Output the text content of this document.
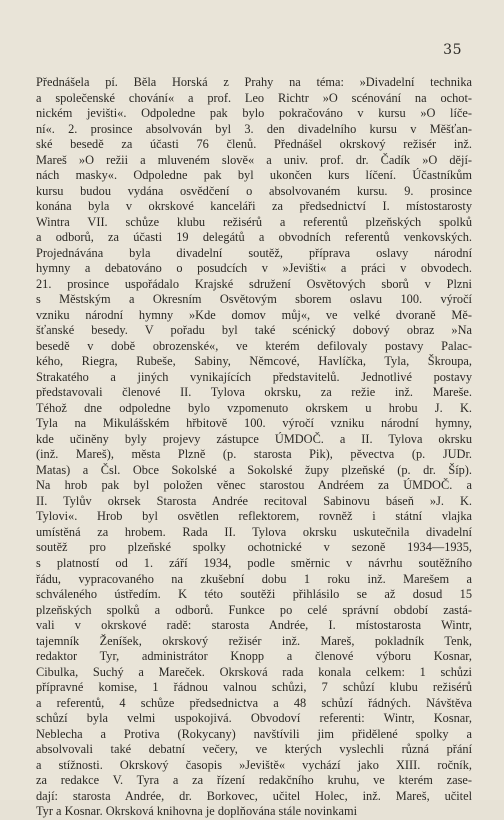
35
Přednášela pí. Běla Horská z Prahy na téma: »Divadelní technika
a společenské chování« a prof. Leo Richtr »O scénování na ochot-
nickém jevišti«. Odpoledne pak bylo pokračováno v kursu »O líče-
ní«. 2. prosince absolvován byl 3. den divadelního kursu v Měšťan-
ské besedě za účasti 76 členů. Přednášel okrskový režisér inž.
Mareš »O režii a mluveném slově« a univ. prof. dr. Čadík »O dějí-
nách masky«. Odpoledne pak byl ukončen kurs líčení. Účastníkům
kursu budou vydána osvědčení o absolvovaném kursu. 9. prosince
konána byla v okrskové kanceláři za předsednictví I. místostarosty
Wintra VII. schůze klubu režisérů a referentů plzeňských spolků
a odborů, za účasti 19 delegátů a obvodních referentů venkovských.
Projednávána byla divadelní soutěž, příprava oslavy národní
hymny a debatováno o posudcích v »Jevišti« a práci v obvodech.
21. prosince uspořádalo Krajské sdružení Osvětových sborů v Plzni
s Městským a Okresním Osvětovým sborem oslavu 100. výročí
vzniku národní hymny »Kde domov můj«, ve velké dvoraně Mě-
šťanské besedy. V pořadu byl také scénický dobový obraz »Na
besedě v době obrozenské«, ve kterém defilovaly postavy Palac-
kého, Riegra, Rubeše, Sabiny, Němcové, Havlíčka, Tyla, Škroupa,
Strakatého a jiných vynikajících představitelů. Jednotlivé postavy
představovali členové II. Tylova okrsku, za režie inž. Mareše.
Téhož dne odpoledne bylo vzpomenuto okrskem u hrobu J. K.
Tyla na Mikulášském hřbitově 100. výročí vzniku národní hymny,
kde učiněny byly projevy zástupce ÚMDOČ. a II. Tylova okrsku
(inž. Mareš), města Plzně (p. starosta Pik), pěvectva (p. JUDr.
Matas) a Čsl. Obce Sokolské a Sokolské župy plzeňské (p. dr. Šíp).
Na hrob pak byl položen věnec starostou Andréem za ÚMDOČ. a
II. Tylův okrsek Starosta Andrée recitoval Sabinovu báseň »J. K.
Tylovi«. Hrob byl osvětlen reflektorem, rovněž i státní vlajka
umístěná za hrobem. Rada II. Tylova okrsku uskutečnila divadelní
soutěž pro plzeňské spolky ochotnické v sezoně 1934—1935,
s platností od 1. září 1934, podle směrnic v návrhu soutěžního
řádu, vypracovaného na zkušební dobu 1 roku inž. Marešem a
schváleného ústředím. K této soutěži přihlásilo se až dosud 15
plzeňských spolků a odborů. Funkce po celé správní období zastá-
vali v okrskové radě: starosta Andrée, I. místostarosta Wintr,
tajemník Ženíšek, okrskový režisér inž. Mareš, pokladník Tenk,
redaktor Tyr, administrátor Knopp a členové výboru Kosnar,
Cibulka, Suchý a Mareček. Okrsková rada konala celkem: 1 schůzi
přípravné komise, 1 řádnou valnou schůzi, 7 schůzí klubu režisérů
a referentů, 4 schůze předsednictva a 48 schůzí řádných. Návštěva
schůzí byla velmi uspokojivá. Obvodoví referenti: Wintr, Kosnar,
Neblecha a Protiva (Rokycany) navštívili jim přidělené spolky a
absolvovali také debatní večery, ve kterých vyslechli různá přání
a stížnosti. Okrskový časopis »Jeviště« vychází jako XIII. ročník,
za redakce V. Tyra a za řízení redakčního kruhu, ve kterém zase-
dají: starosta Andrée, dr. Borkovec, učitel Holec, inž. Mareš, učitel
Tyr a Kosnar. Okrsková knihovna je doplňována stále novinkami
